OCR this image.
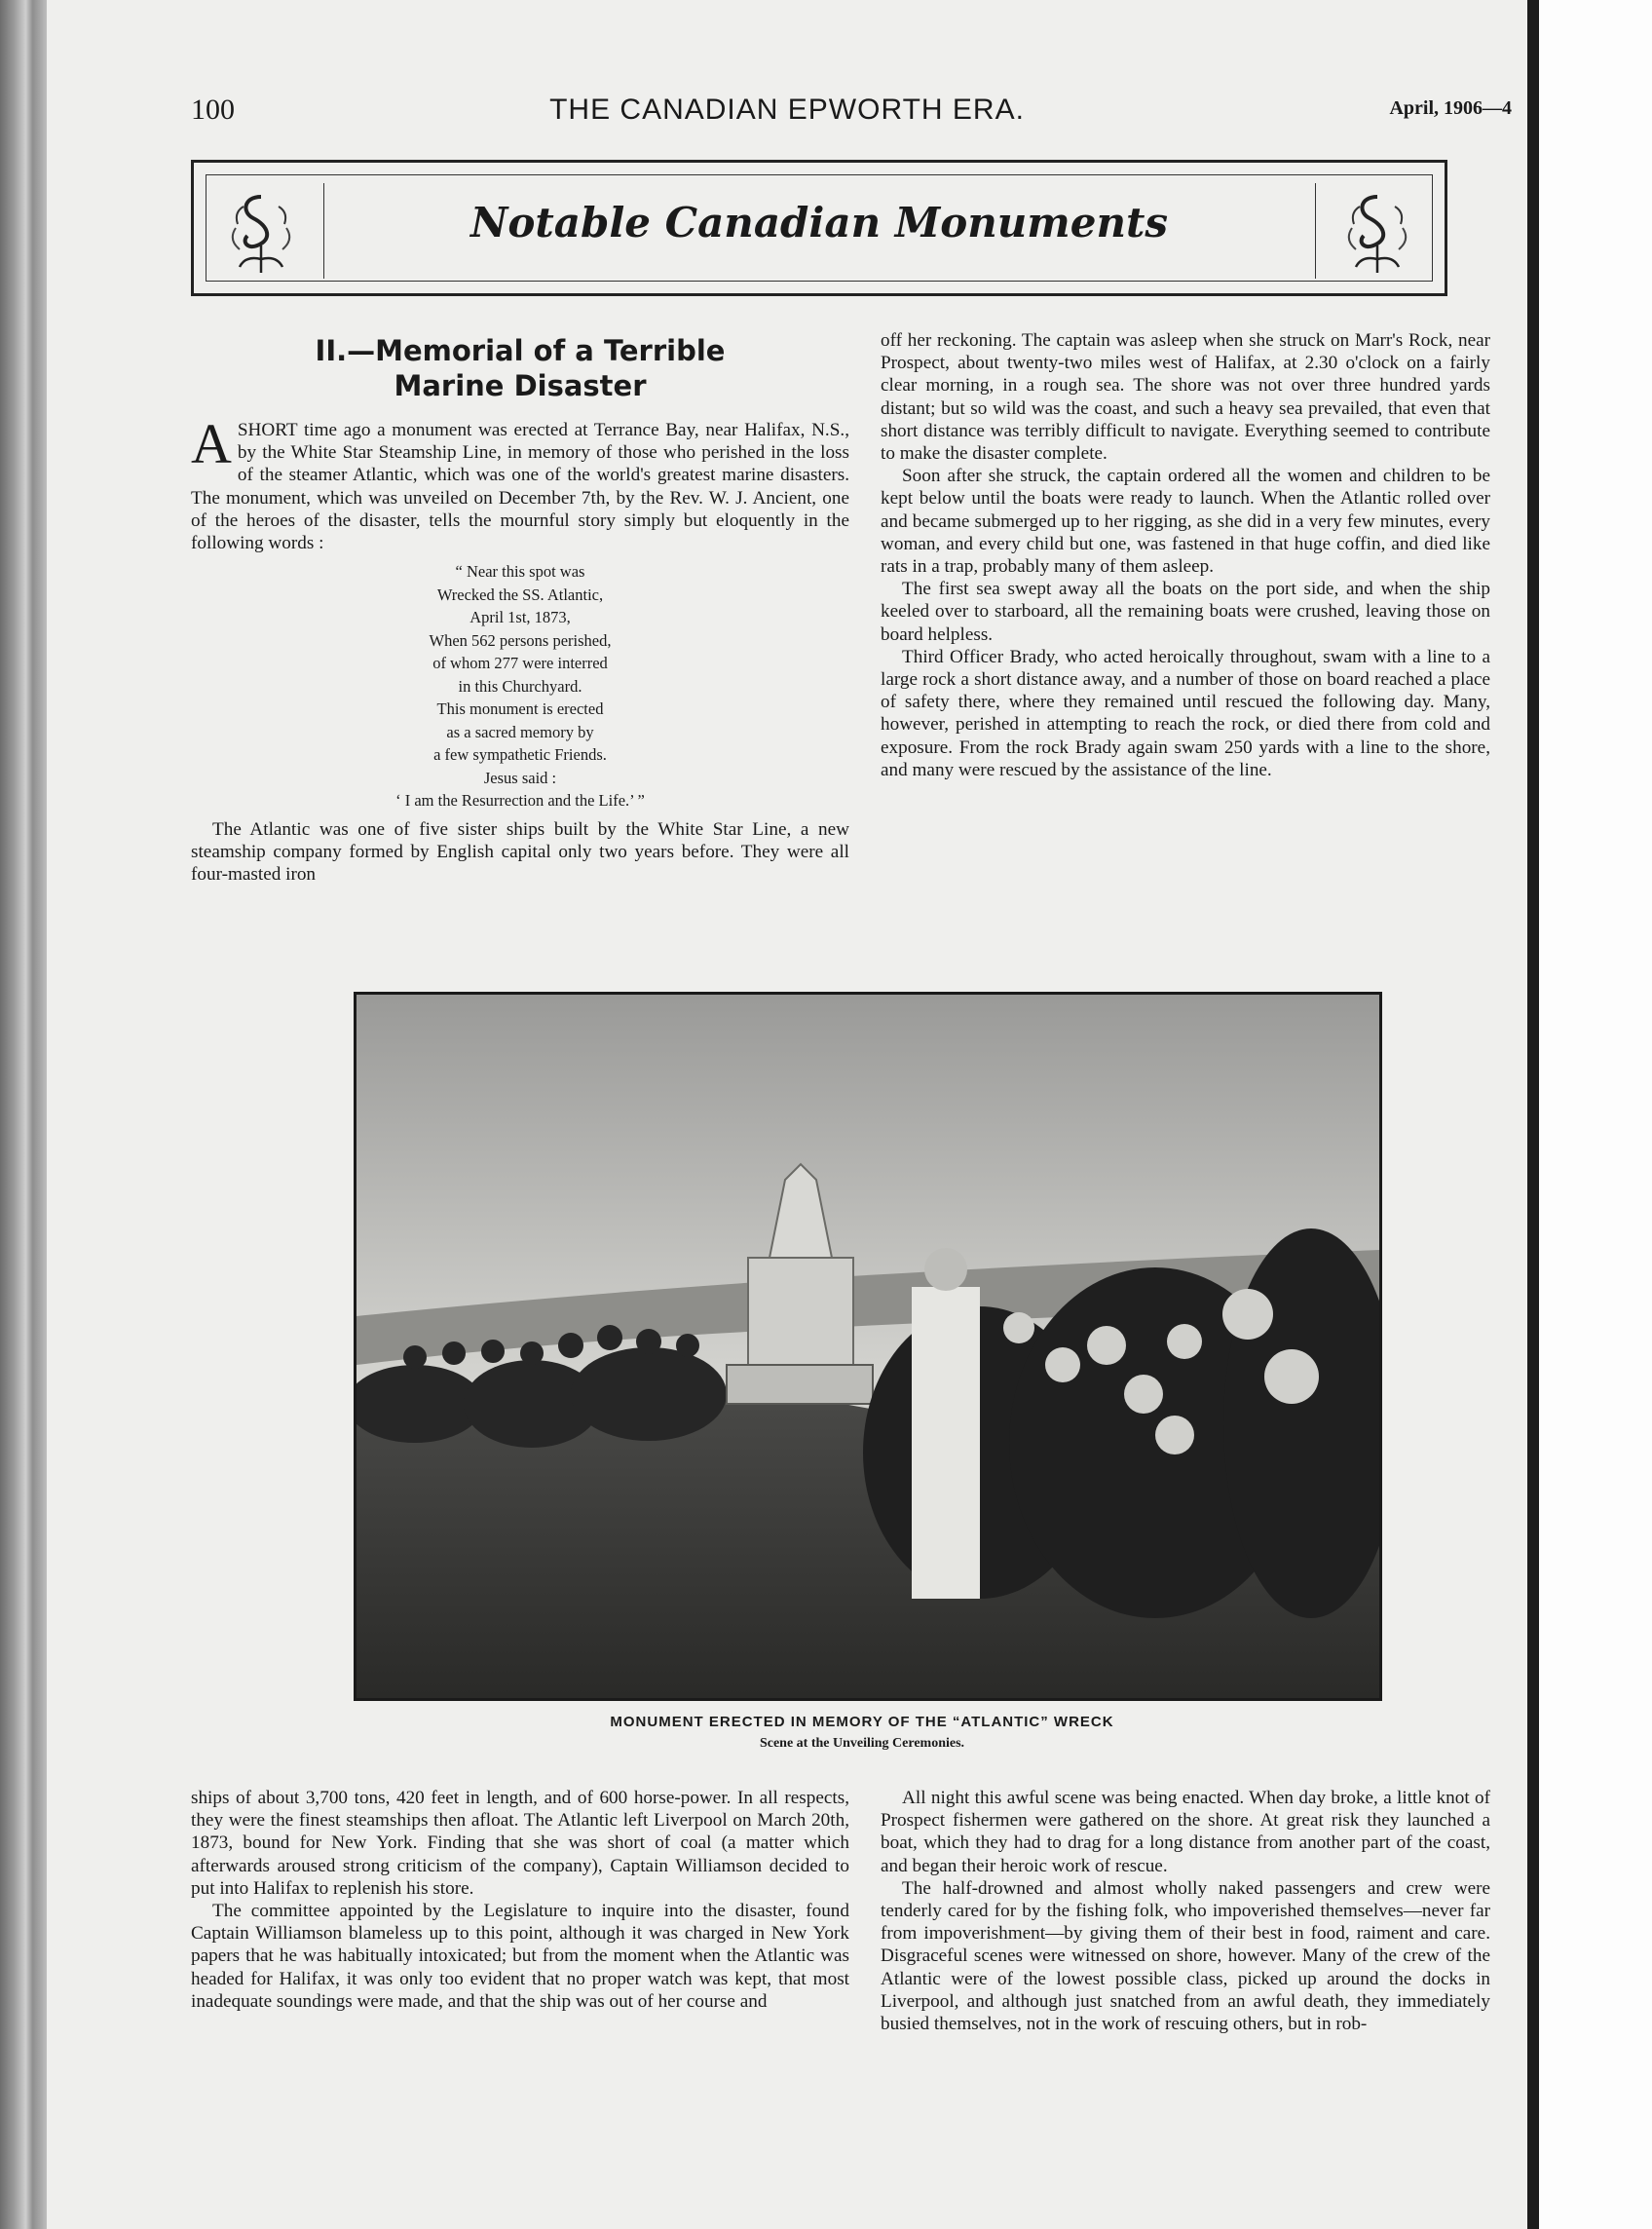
100	THE CANADIAN EPWORTH ERA.	April, 1906—4
Notable Canadian Monuments
II.—Memorial of a Terrible
Marine Disaster

ASHORT time ago a monument was erected at Terrance Bay, near Halifax, N.S., by the White Star Steamship Line, in memory of those who perished in the loss of the steamer Atlantic, which was one of the world's greatest marine disasters. The monument, which was unveiled on December 7th, by the Rev. W. J. Ancient, one of the heroes of the disaster, tells the mournful story simply but eloquently in the following words :

“ Near this spot was
Wrecked the SS. Atlantic,
April 1st, 1873,
When 562 persons perished,
of whom 277 were interred
in this Churchyard.
This monument is erected
as a sacred memory by
a few sympathetic Friends.
Jesus said :
‘ I am the Resurrection and the Life.’ ”

The Atlantic was one of five sister ships built by the White Star Line, a new steamship company formed by English capital only two years before. They were all four-masted iron

off her reckoning. The captain was asleep when she struck on Marr's Rock, near Prospect, about twenty-two miles west of Halifax, at 2.30 o'clock on a fairly clear morning, in a rough sea. The shore was not over three hundred yards distant; but so wild was the coast, and such a heavy sea prevailed, that even that short distance was terribly difficult to navigate. Everything seemed to contribute to make the disaster complete.

Soon after she struck, the captain ordered all the women and children to be kept below until the boats were ready to launch. When the Atlantic rolled over and became submerged up to her rigging, as she did in a very few minutes, every woman, and every child but one, was fastened in that huge coffin, and died like rats in a trap, probably many of them asleep.

The first sea swept away all the boats on the port side, and when the ship keeled over to starboard, all the remaining boats were crushed, leaving those on board helpless.

Third Officer Brady, who acted heroically throughout, swam with a line to a large rock a short distance away, and a number of those on board reached a place of safety there, where they remained until rescued the following day. Many, however, perished in attempting to reach the rock, or died there from cold and exposure. From the rock Brady again swam 250 yards with a line to the shore, and many were rescued by the assistance of the line.

MONUMENT ERECTED IN MEMORY OF THE “ATLANTIC” WRECK
Scene at the Unveiling Ceremonies.

ships of about 3,700 tons, 420 feet in length, and of 600 horse-power. In all respects, they were the finest steamships then afloat. The Atlantic left Liverpool on March 20th, 1873, bound for New York. Finding that she was short of coal (a matter which afterwards aroused strong criticism of the company), Captain Williamson decided to put into Halifax to replenish his store.

The committee appointed by the Legislature to inquire into the disaster, found Captain Williamson blameless up to this point, although it was charged in New York papers that he was habitually intoxicated; but from the moment when the Atlantic was headed for Halifax, it was only too evident that no proper watch was kept, that most inadequate soundings were made, and that the ship was out of her course and

All night this awful scene was being enacted. When day broke, a little knot of Prospect fishermen were gathered on the shore. At great risk they launched a boat, which they had to drag for a long distance from another part of the coast, and began their heroic work of rescue.

The half-drowned and almost wholly naked passengers and crew were tenderly cared for by the fishing folk, who impoverished themselves—never far from impoverishment—by giving them of their best in food, raiment and care. Disgraceful scenes were witnessed on shore, however. Many of the crew of the Atlantic were of the lowest possible class, picked up around the docks in Liverpool, and although just snatched from an awful death, they immediately busied themselves, not in the work of rescuing others, but in rob-
